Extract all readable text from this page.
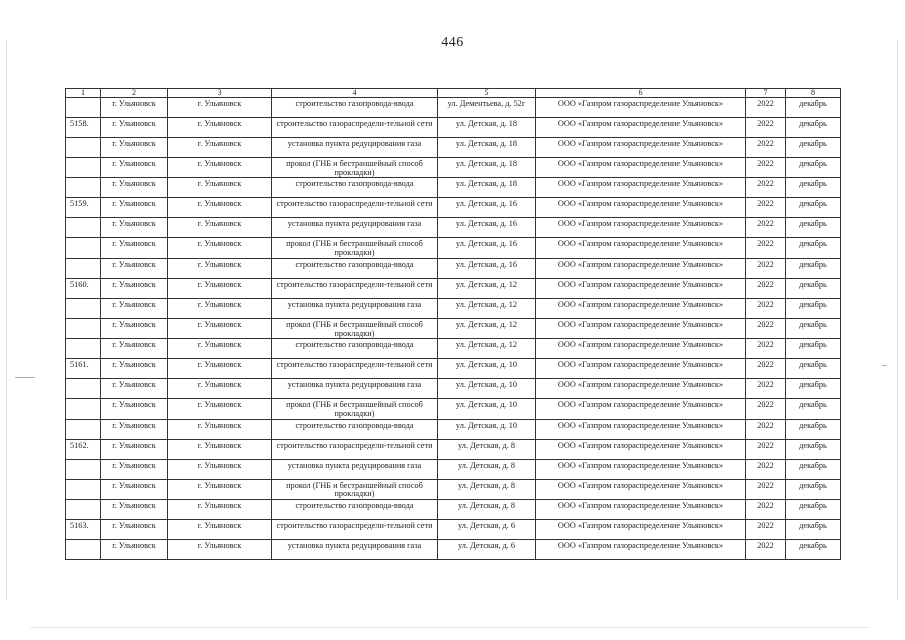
446
1	2	3	4	5	6	7	8
	г. Ульяновск	г. Ульяновск	строительство газопровода-ввода	ул. Дементьева, д. 52г	ООО «Газпром газораспределение Ульяновск»	2022	декабрь
5158.	г. Ульяновск	г. Ульяновск	строительство газораспредели-тельной сети	ул. Детская, д. 18	ООО «Газпром газораспределение Ульяновск»	2022	декабрь
	г. Ульяновск	г. Ульяновск	установка пункта редуцирования газа	ул. Детская, д. 18	ООО «Газпром газораспределение Ульяновск»	2022	декабрь
	г. Ульяновск	г. Ульяновск	прокол (ГНБ и бестраншейный способ прокладки)	ул. Детская, д. 18	ООО «Газпром газораспределение Ульяновск»	2022	декабрь
	г. Ульяновск	г. Ульяновск	строительство газопровода-ввода	ул. Детская, д. 18	ООО «Газпром газораспределение Ульяновск»	2022	декабрь
5159.	г. Ульяновск	г. Ульяновск	строительство газораспредели-тельной сети	ул. Детская, д. 16	ООО «Газпром газораспределение Ульяновск»	2022	декабрь
	г. Ульяновск	г. Ульяновск	установка пункта редуцирования газа	ул. Детская, д. 16	ООО «Газпром газораспределение Ульяновск»	2022	декабрь
	г. Ульяновск	г. Ульяновск	прокол (ГНБ и бестраншейный способ прокладки)	ул. Детская, д. 16	ООО «Газпром газораспределение Ульяновск»	2022	декабрь
	г. Ульяновск	г. Ульяновск	строительство газопровода-ввода	ул. Детская, д. 16	ООО «Газпром газораспределение Ульяновск»	2022	декабрь
5160.	г. Ульяновск	г. Ульяновск	строительство газораспредели-тельной сети	ул. Детская, д. 12	ООО «Газпром газораспределение Ульяновск»	2022	декабрь
	г. Ульяновск	г. Ульяновск	установка пункта редуцирования газа	ул. Детская, д. 12	ООО «Газпром газораспределение Ульяновск»	2022	декабрь
	г. Ульяновск	г. Ульяновск	прокол (ГНБ и бестраншейный способ прокладки)	ул. Детская, д. 12	ООО «Газпром газораспределение Ульяновск»	2022	декабрь
	г. Ульяновск	г. Ульяновск	строительство газопровода-ввода	ул. Детская, д. 12	ООО «Газпром газораспределение Ульяновск»	2022	декабрь
5161.	г. Ульяновск	г. Ульяновск	строительство газораспредели-тельной сети	ул. Детская, д. 10	ООО «Газпром газораспределение Ульяновск»	2022	декабрь
	г. Ульяновск	г. Ульяновск	установка пункта редуцирования газа	ул. Детская, д. 10	ООО «Газпром газораспределение Ульяновск»	2022	декабрь
	г. Ульяновск	г. Ульяновск	прокол (ГНБ и бестраншейный способ прокладки)	ул. Детская, д. 10	ООО «Газпром газораспределение Ульяновск»	2022	декабрь
	г. Ульяновск	г. Ульяновск	строительство газопровода-ввода	ул. Детская, д. 10	ООО «Газпром газораспределение Ульяновск»	2022	декабрь
5162.	г. Ульяновск	г. Ульяновск	строительство газораспредели-тельной сети	ул. Детская, д. 8	ООО «Газпром газораспределение Ульяновск»	2022	декабрь
	г. Ульяновск	г. Ульяновск	установка пункта редуцирования газа	ул. Детская, д. 8	ООО «Газпром газораспределение Ульяновск»	2022	декабрь
	г. Ульяновск	г. Ульяновск	прокол (ГНБ и бестраншейный способ прокладки)	ул. Детская, д. 8	ООО «Газпром газораспределение Ульяновск»	2022	декабрь
	г. Ульяновск	г. Ульяновск	строительство газопровода-ввода	ул. Детская, д. 8	ООО «Газпром газораспределение Ульяновск»	2022	декабрь
5163.	г. Ульяновск	г. Ульяновск	строительство газораспредели-тельной сети	ул. Детская, д. 6	ООО «Газпром газораспределение Ульяновск»	2022	декабрь
	г. Ульяновск	г. Ульяновск	установка пункта редуцирования газа	ул. Детская, д. 6	ООО «Газпром газораспределение Ульяновск»	2022	декабрь
